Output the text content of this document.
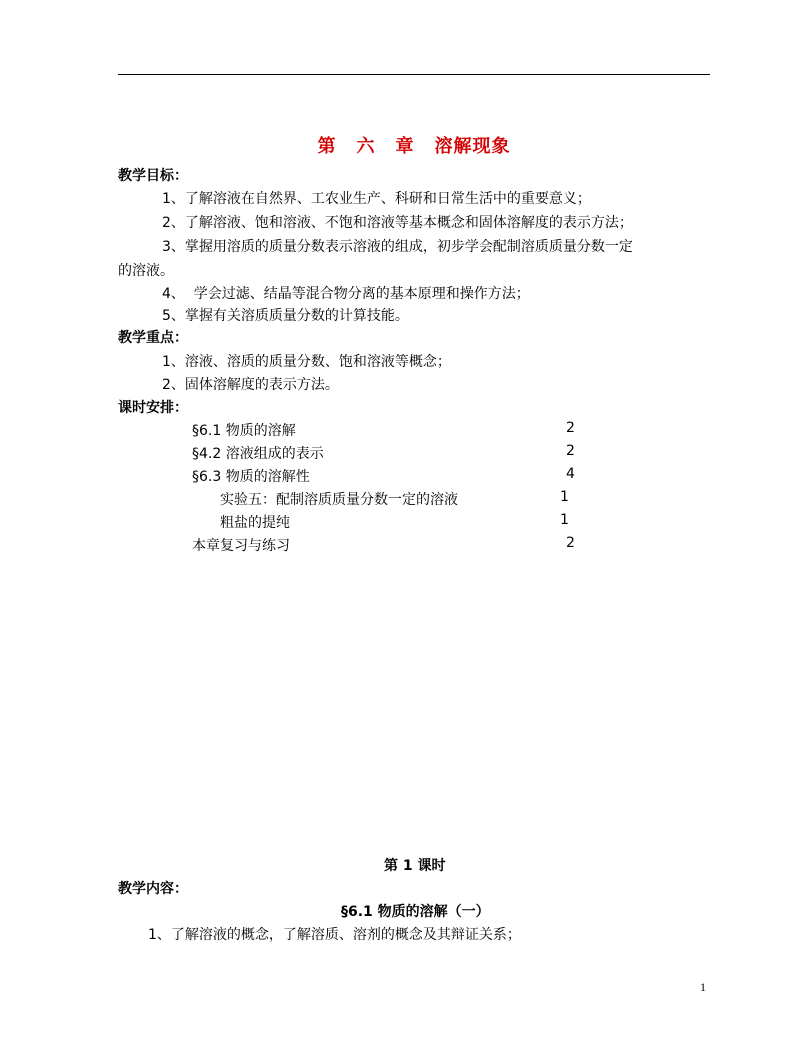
第 六 章 溶解现象
教学目标：
1、了解溶液在自然界、工农业生产、科研和日常生活中的重要意义；
2、了解溶液、饱和溶液、不饱和溶液等基本概念和固体溶解度的表示方法；
3、掌握用溶质的质量分数表示溶液的组成，初步学会配制溶质质量分数一定
的溶液。
4、  学会过滤、结晶等混合物分离的基本原理和操作方法；
5、掌握有关溶质质量分数的计算技能。
教学重点：
1、溶液、溶质的质量分数、饱和溶液等概念；
2、固体溶解度的表示方法。
课时安排：
§6.1 物质的溶解	2
§4.2 溶液组成的表示	2
§6.3 物质的溶解性	4
实验五：配制溶质质量分数一定的溶液	1
粗盐的提纯	1
本章复习与练习	2
第 1 课时
教学内容：
§6.1 物质的溶解（一）
1、了解溶液的概念，了解溶质、溶剂的概念及其辩证关系；
1
